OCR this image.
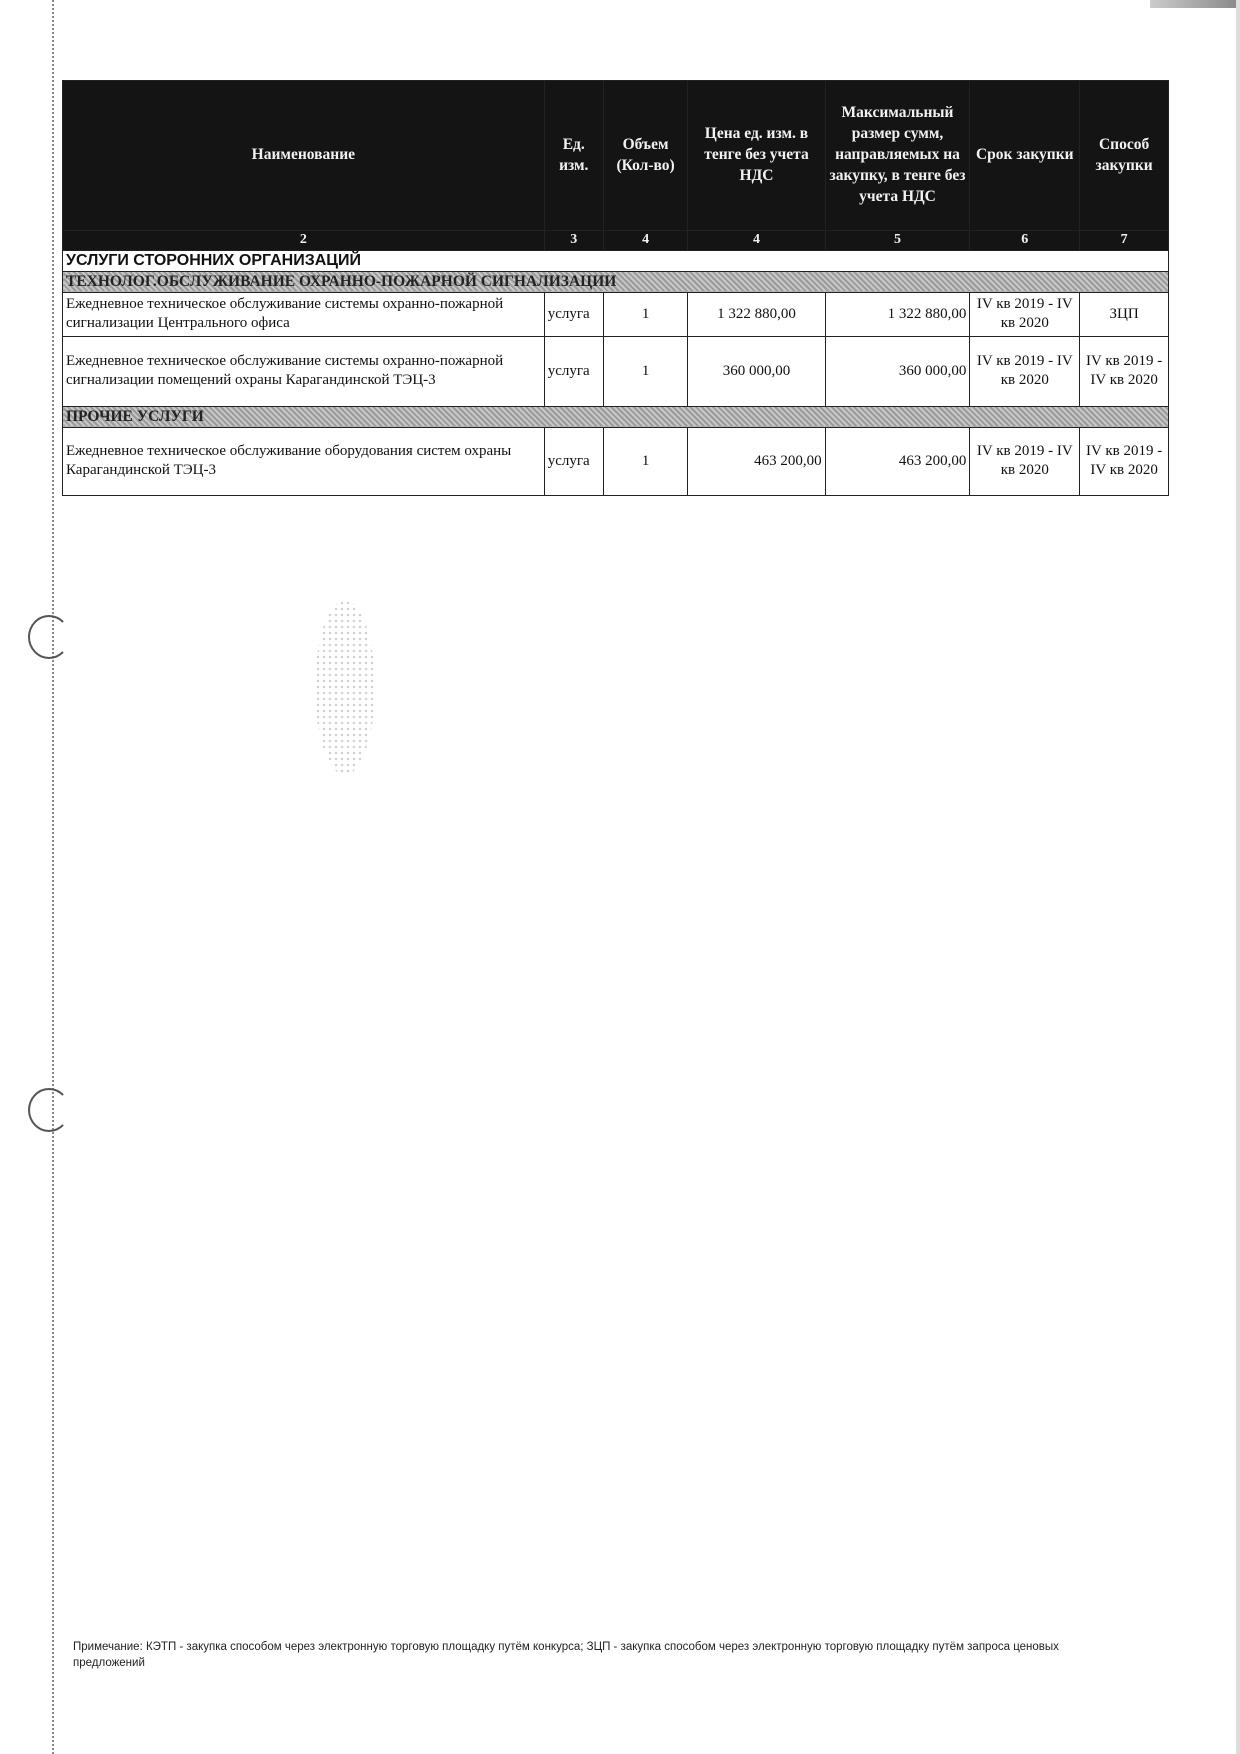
Наименование	Ед. изм.	Объем (Кол-во)	Цена ед. изм. в тенге без учета НДС	Максимальный размер сумм, направляемых на закупку, в тенге без учета НДС	Срок закупки	Способ закупки
2	3	4	4	5	6	7
УСЛУГИ СТОРОННИХ ОРГАНИЗАЦИЙ						
ТЕХНОЛОГ.ОБСЛУЖИВАНИЕ ОХРАННО-ПОЖАРНОЙ СИГНАЛИЗАЦИИ						
Ежедневное техническое обслуживание системы охранно-пожарной сигнализации Центрального офиса	услуга	1	1 322 880,00	1 322 880,00	IV кв 2019 - IV кв 2020	ЗЦП
Ежедневное техническое обслуживание системы охранно-пожарной сигнализации помещений охраны Карагандинской ТЭЦ-3	услуга	1	360 000,00	360 000,00	IV кв 2019 - IV кв 2020	IV кв 2019 - IV кв 2020
ПРОЧИЕ УСЛУГИ						
Ежедневное техническое обслуживание оборудования систем охраны Карагандинской ТЭЦ-3	услуга	1	463 200,00	463 200,00	IV кв 2019 - IV кв 2020	IV кв 2019 - IV кв 2020
Примечание: КЭТП - закупка способом через электронную торговую площадку путём конкурса; ЗЦП - закупка способом через электронную торговую площадку путём запроса ценовых предложений
